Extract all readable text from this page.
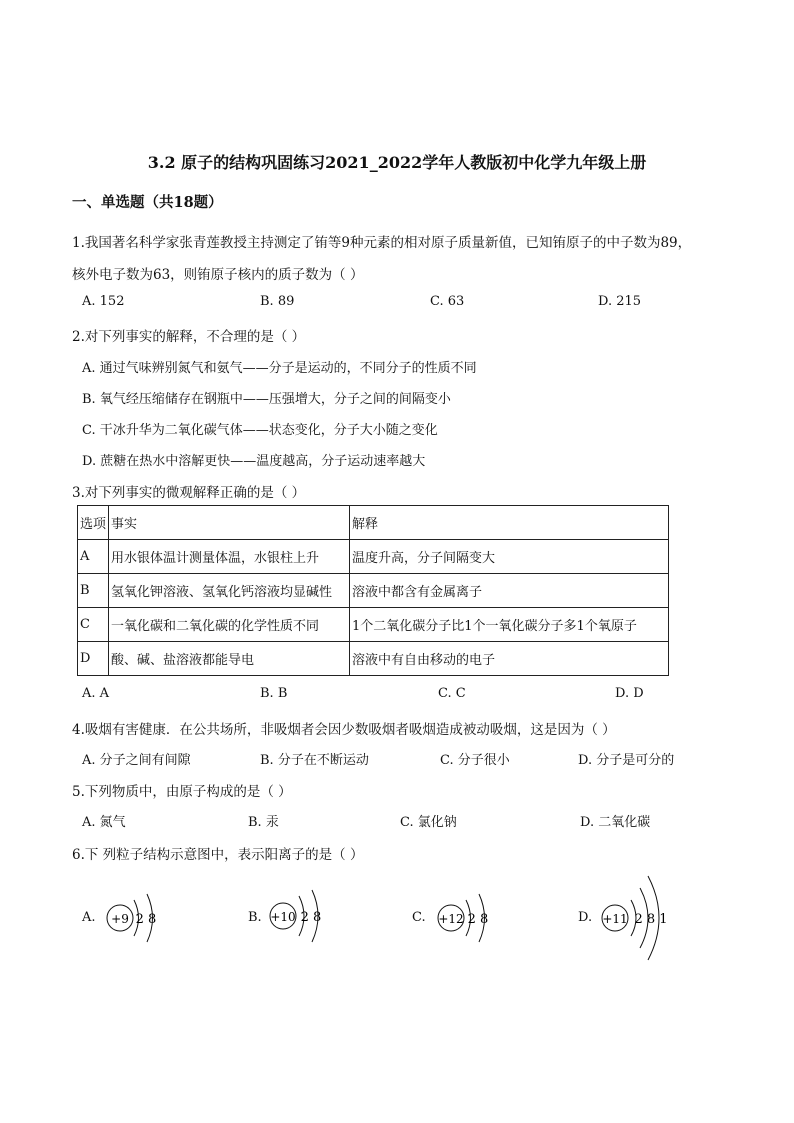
3.2 原子的结构巩固练习2021_2022学年人教版初中化学九年级上册
一、单选题（共18题）
1.我国著名科学家张青莲教授主持测定了铕等9种元素的相对原子质量新值，已知铕原子的中子数为89，
核外电子数为63，则铕原子核内的质子数为（ ）
A. 152	B. 89	C. 63	D. 215
2.对下列事实的解释，不合理的是（ ）
A. 通过气味辨别氮气和氨气——分子是运动的，不同分子的性质不同
B. 氧气经压缩储存在钢瓶中——压强增大，分子之间的间隔变小
C. 干冰升华为二氧化碳气体——状态变化，分子大小随之变化
D. 蔗糖在热水中溶解更快——温度越高，分子运动速率越大
3.对下列事实的微观解释正确的是（ ）
选项	事实	解释
A	用水银体温计测量体温，水银柱上升	温度升高，分子间隔变大
B	氢氧化钾溶液、氢氧化钙溶液均显碱性	溶液中都含有金属离子
C	一氧化碳和二氧化碳的化学性质不同	1个二氧化碳分子比1个一氧化碳分子多1个氧原子
D	酸、碱、盐溶液都能导电	溶液中有自由移动的电子
A. A	B. B	C. C	D. D
4.吸烟有害健康．在公共场所，非吸烟者会因少数吸烟者吸烟造成被动吸烟，这是因为（ ）
A. 分子之间有间隙	B. 分子在不断运动	C. 分子很小	D. 分子是可分的
5.下列物质中，由原子构成的是（ ）
A. 氮气	B. 汞	C. 氯化钠	D. 二氧化碳
6.下 列粒子结构示意图中，表示阳离子的是（ ）
A. +9 2 8	B. +10 2 8	C. +12 2 8	D. +11 2 8 1
